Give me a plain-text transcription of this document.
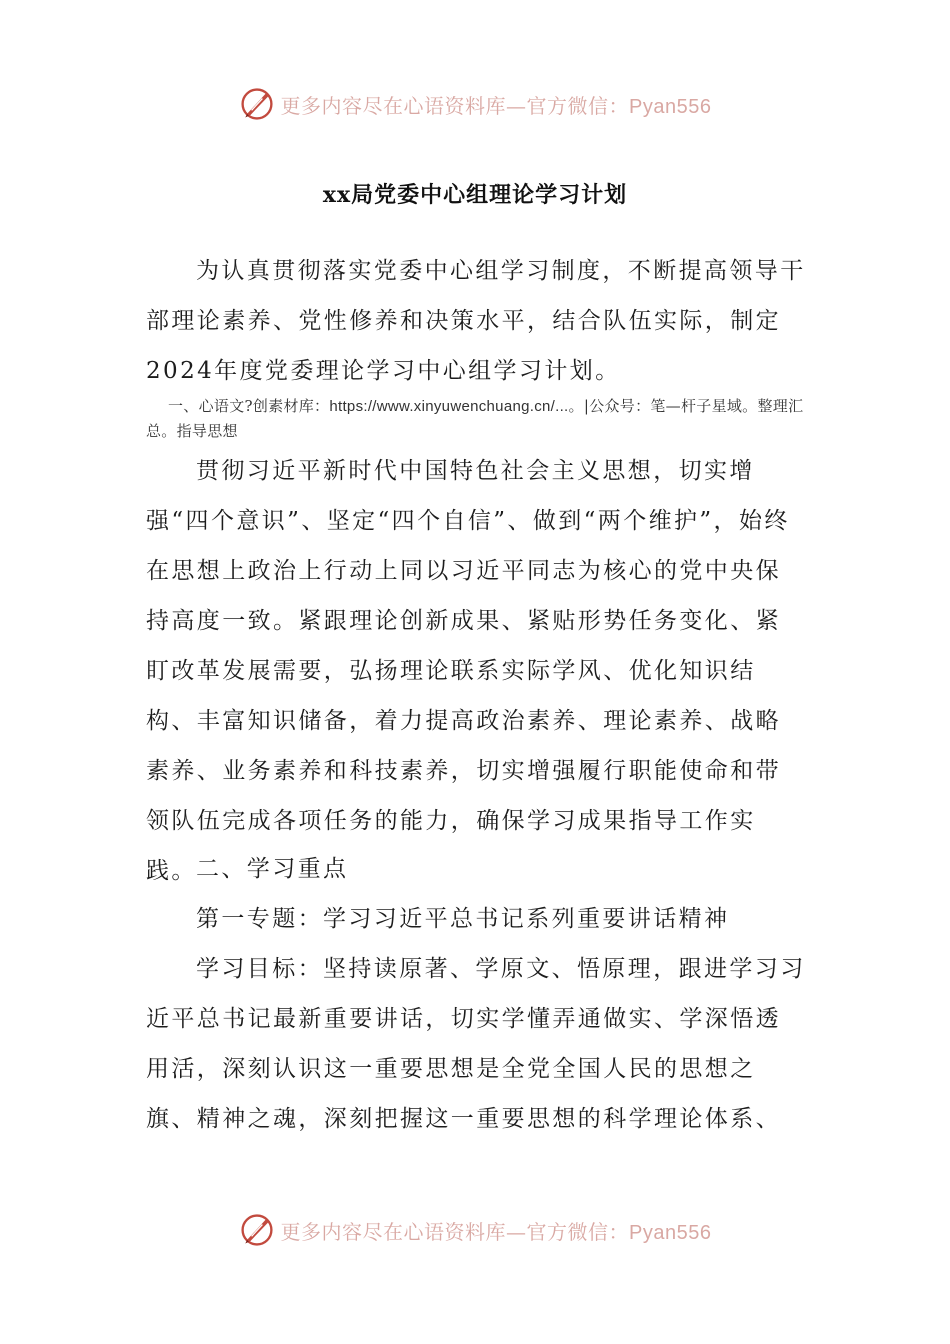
更多内容尽在心语资料库—官方微信：Pyan556
xx局党委中心组理论学习计划

为认真贯彻落实党委中心组学习制度，不断提高领导干部理论素养、党性修养和决策水平，结合队伍实际，制定2024年度党委理论学习中心组学习计划。

一、心语文?创素材库：https://www.xinyuwenchuang.cn/...。|公众号：笔—杆子星域。整理汇总。指导思想

贯彻习近平新时代中国特色社会主义思想，切实增强“四个意识”、坚定“四个自信”、做到“两个维护”，始终在思想上政治上行动上同以习近平同志为核心的党中央保持高度一致。紧跟理论创新成果、紧贴形势任务变化、紧盯改革发展需要，弘扬理论联系实际学风、优化知识结构、丰富知识储备，着力提高政治素养、理论素养、战略素养、业务素养和科技素养，切实增强履行职能使命和带领队伍完成各项任务的能力，确保学习成果指导工作实践。 二、学习重点

第一专题：学习习近平总书记系列重要讲话精神

学习目标：坚持读原著、学原文、悟原理，跟进学习习近平总书记最新重要讲话，切实学懂弄通做实、学深悟透用活，深刻认识这一重要思想是全党全国人民的思想之旗、精神之魂，深刻把握这一重要思想的科学理论体系、

更多内容尽在心语资料库—官方微信：Pyan556
